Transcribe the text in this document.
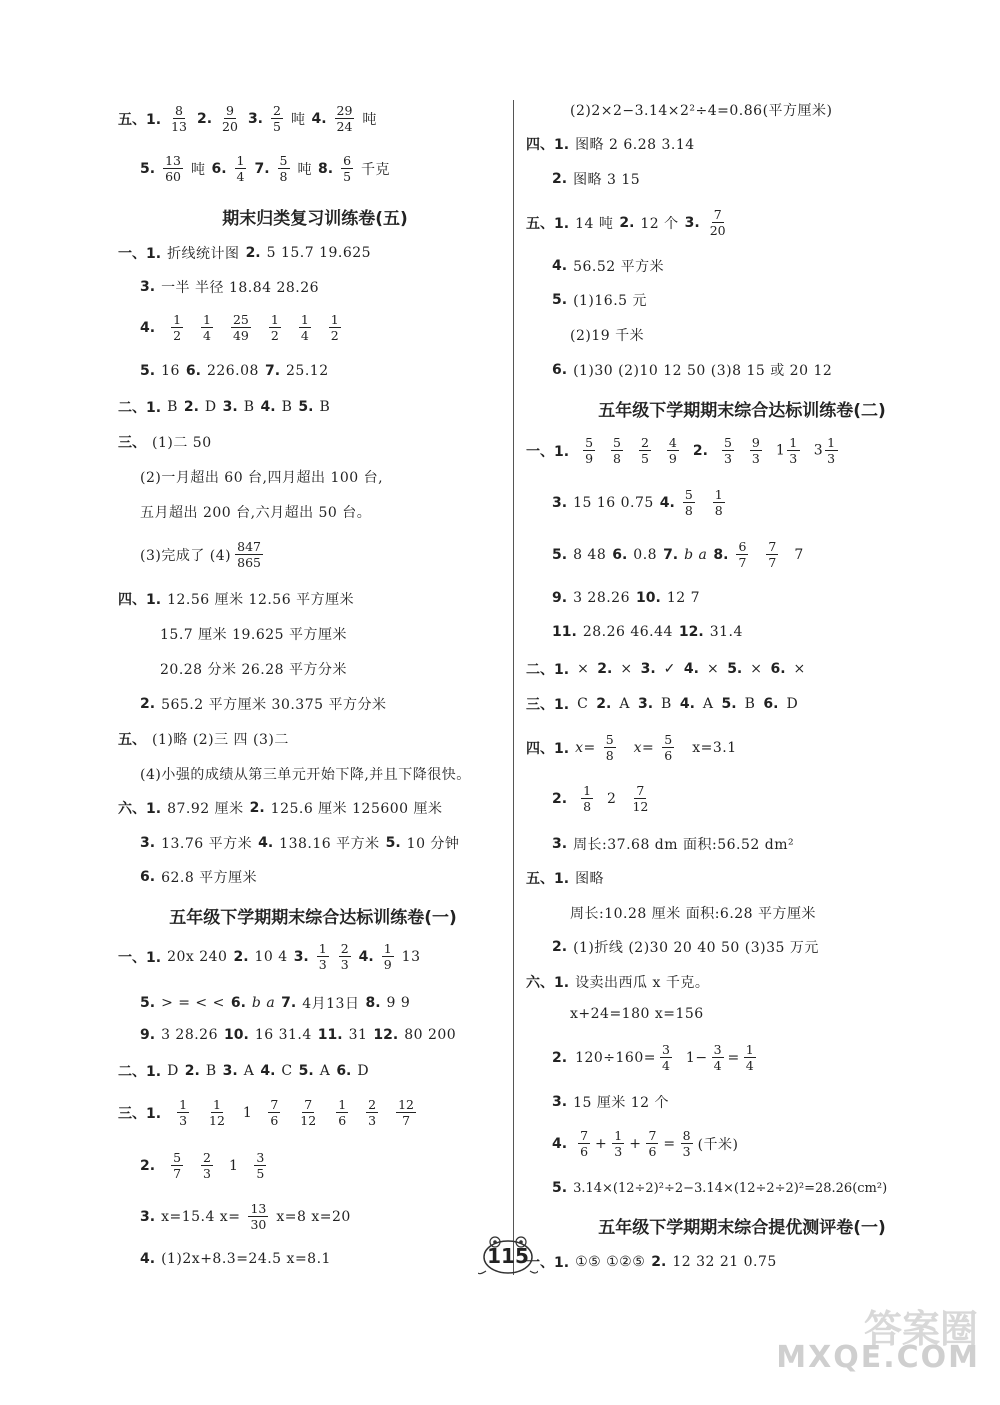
五、1. $\frac{8}{13} 2$. $\frac{9}{20} 3$. $\frac{2}{5}$ 吨 4. $\frac{29}{24}$ 吨
5. $\frac{13}{60}$ 吨 6. $\frac{1}{4} 7$. $\frac{5}{8}$ 吨 8. $\frac{6}{5}$ 千克
期末归类复习训练卷(五)
一、1. 折线统计图 2. 5 15.7 19.625
3. 一半 半径 18.84 28.26
4. $\frac{1}{2} \frac{1}{4} \frac{25}{49} \frac{1}{2} \frac{1}{4} \frac{1}{2}$
5. 16 6. 226.08 7. 25.12
二、1. B 2. D 3. B 4. B 5. B
三、 (1)二 50
(2)一月超出 60 台,四月超出 100 台,
五月超出 200 台,六月超出 50 台。
(3)完成了 $(4) \frac{847}{865}$
四、1. 12.56 厘米 12.56 平方厘米
15.7 厘米 19.625 平方厘米
20.28 分米 26.28 平方分米
2. 565.2 平方厘米 30.375 平方分米
五、 (1)略 (2)三 四 (3)二
(4)小强的成绩从第三单元开始下降,并且下降很快。
六、1. 87.92 厘米 2. 125.6 厘米 125600 厘米
3. 13.76 平方米 4. 138.16 平方米 5. 10 分钟
6. 62.8 平方厘米
五年级下学期期末综合达标训练卷(一)
一、1. 20x 240 2. 10 4 3. $\frac{1}{3} \frac{2}{3} 4$. $\frac{1}{9} 13$
5. > = < < 6. b a 7. 4月13日 8. 9 9
9. 3 28.26 10. 16 31.4 11. 31 12. 80 200
二、1. D 2. B 3. A 4. C 5. A 6. D
三、1. $\frac{1}{3} \frac{1}{12} 1 \frac{7}{6} \frac{7}{12} \frac{1}{6} \frac{2}{3} \frac{12}{7}$
2. $\frac{5}{7} \frac{2}{3} 1 \frac{3}{5}$
3. x=15.4 $x= \frac{13}{30} x=8$ x=20
4. (1)2x+8.3=24.5 x=8.1
(2)2×2−3.14×2²÷4=0.86(平方厘米)
四、1. 图略 2 6.28 3.14
2. 图略 3 15
五、1. 14 吨 2. 12 个 3. $\frac{7}{20}$
4. 56.52 平方米
5. (1)16.5 元
(2)19 千米
6. (1)30 (2)10 12 50 (3)8 15 或 20 12
五年级下学期期末综合达标训练卷(二)
一、1. $\frac{5}{9} \frac{5}{8} \frac{2}{5} \frac{4}{9} 2$. $\frac{5}{3} \frac{9}{3} 1 \frac{1}{3} 3 \frac{1}{3}$
3. 15 16 0.75 4. $\frac{5}{8} \frac{1}{8}$
5. 8 48 6. 0.8 7. b a 8. $\frac{6}{7} \frac{7}{7} 7$
9. 3 28.26 10. 12 7
11. 28.26 46.44 12. 31.4
二、1. × 2. × 3. ✓ 4. × 5. × 6. ×
三、1. C 2. A 3. B 4. A 5. B 6. D
四、1. $x= \frac{5}{8} x= \frac{5}{6} x=3.1$
2. $\frac{1}{8} 2 \frac{7}{12}$
3. 周长:37.68 dm 面积:56.52 dm²
五、1. 图略
周长:10.28 厘米 面积:6.28 平方厘米
2. (1)折线 (2)30 20 40 50 (3)35 万元
六、1. 设卖出西瓜 x 千克。
x+24=180 x=156
2. $120\div 160= \frac{3}{4} 1- \frac{3}{4} = \frac{1}{4}$
3. 15 厘米 12 个
4. $\frac{7}{6} + \frac{1}{3} + \frac{7}{6} = \frac{8}{3}$ (千米)
5. 3.14×(12÷2)²÷2−3.14×(12÷2÷2)²=28.26(cm²)
五年级下学期期末综合提优测评卷(一)
一、1. ①⑤ ①②⑤ 2. 12 32 21 0.75
115
答案圈
MXQE.COM
